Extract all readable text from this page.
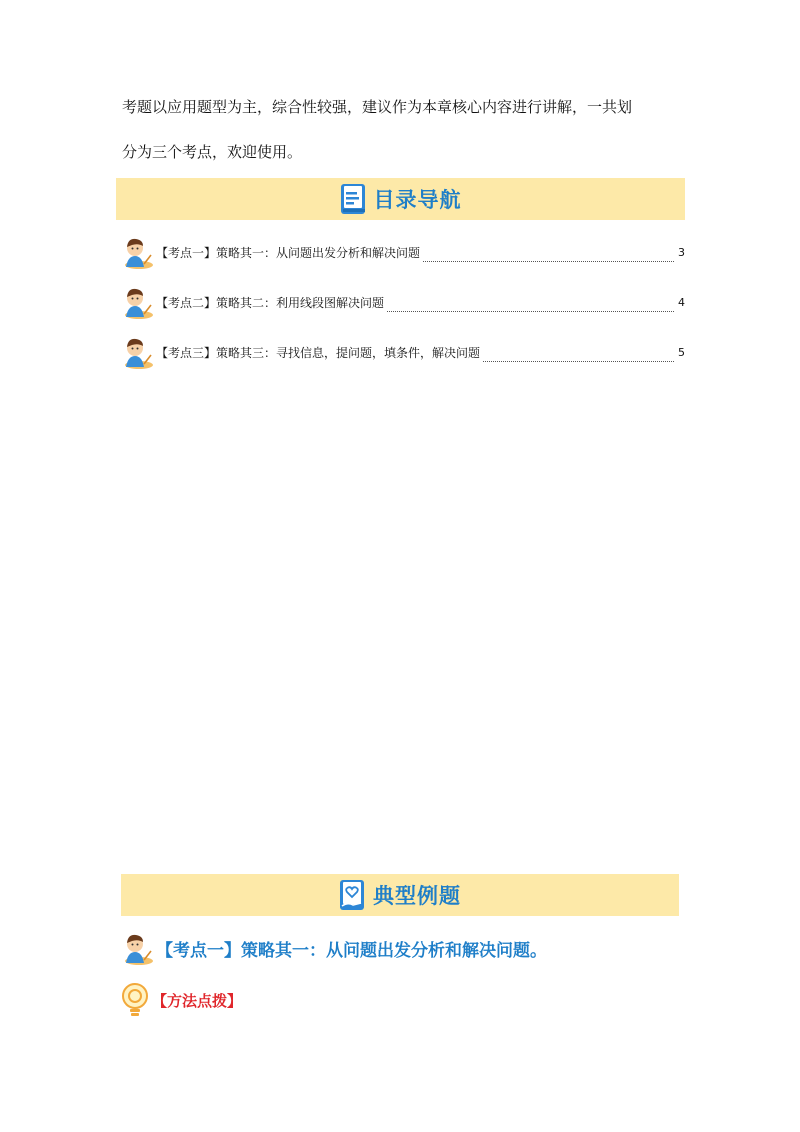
考题以应用题型为主，综合性较强，建议作为本章核心内容进行讲解，一共划
分为三个考点，欢迎使用。
目录导航
【考点一】策略其一：从问题出发分析和解决问题	3
【考点二】策略其二：利用线段图解决问题	4
【考点三】策略其三：寻找信息，提问题，填条件，解决问题	5
典型例题
【考点一】策略其一：从问题出发分析和解决问题。
【方法点拨】
